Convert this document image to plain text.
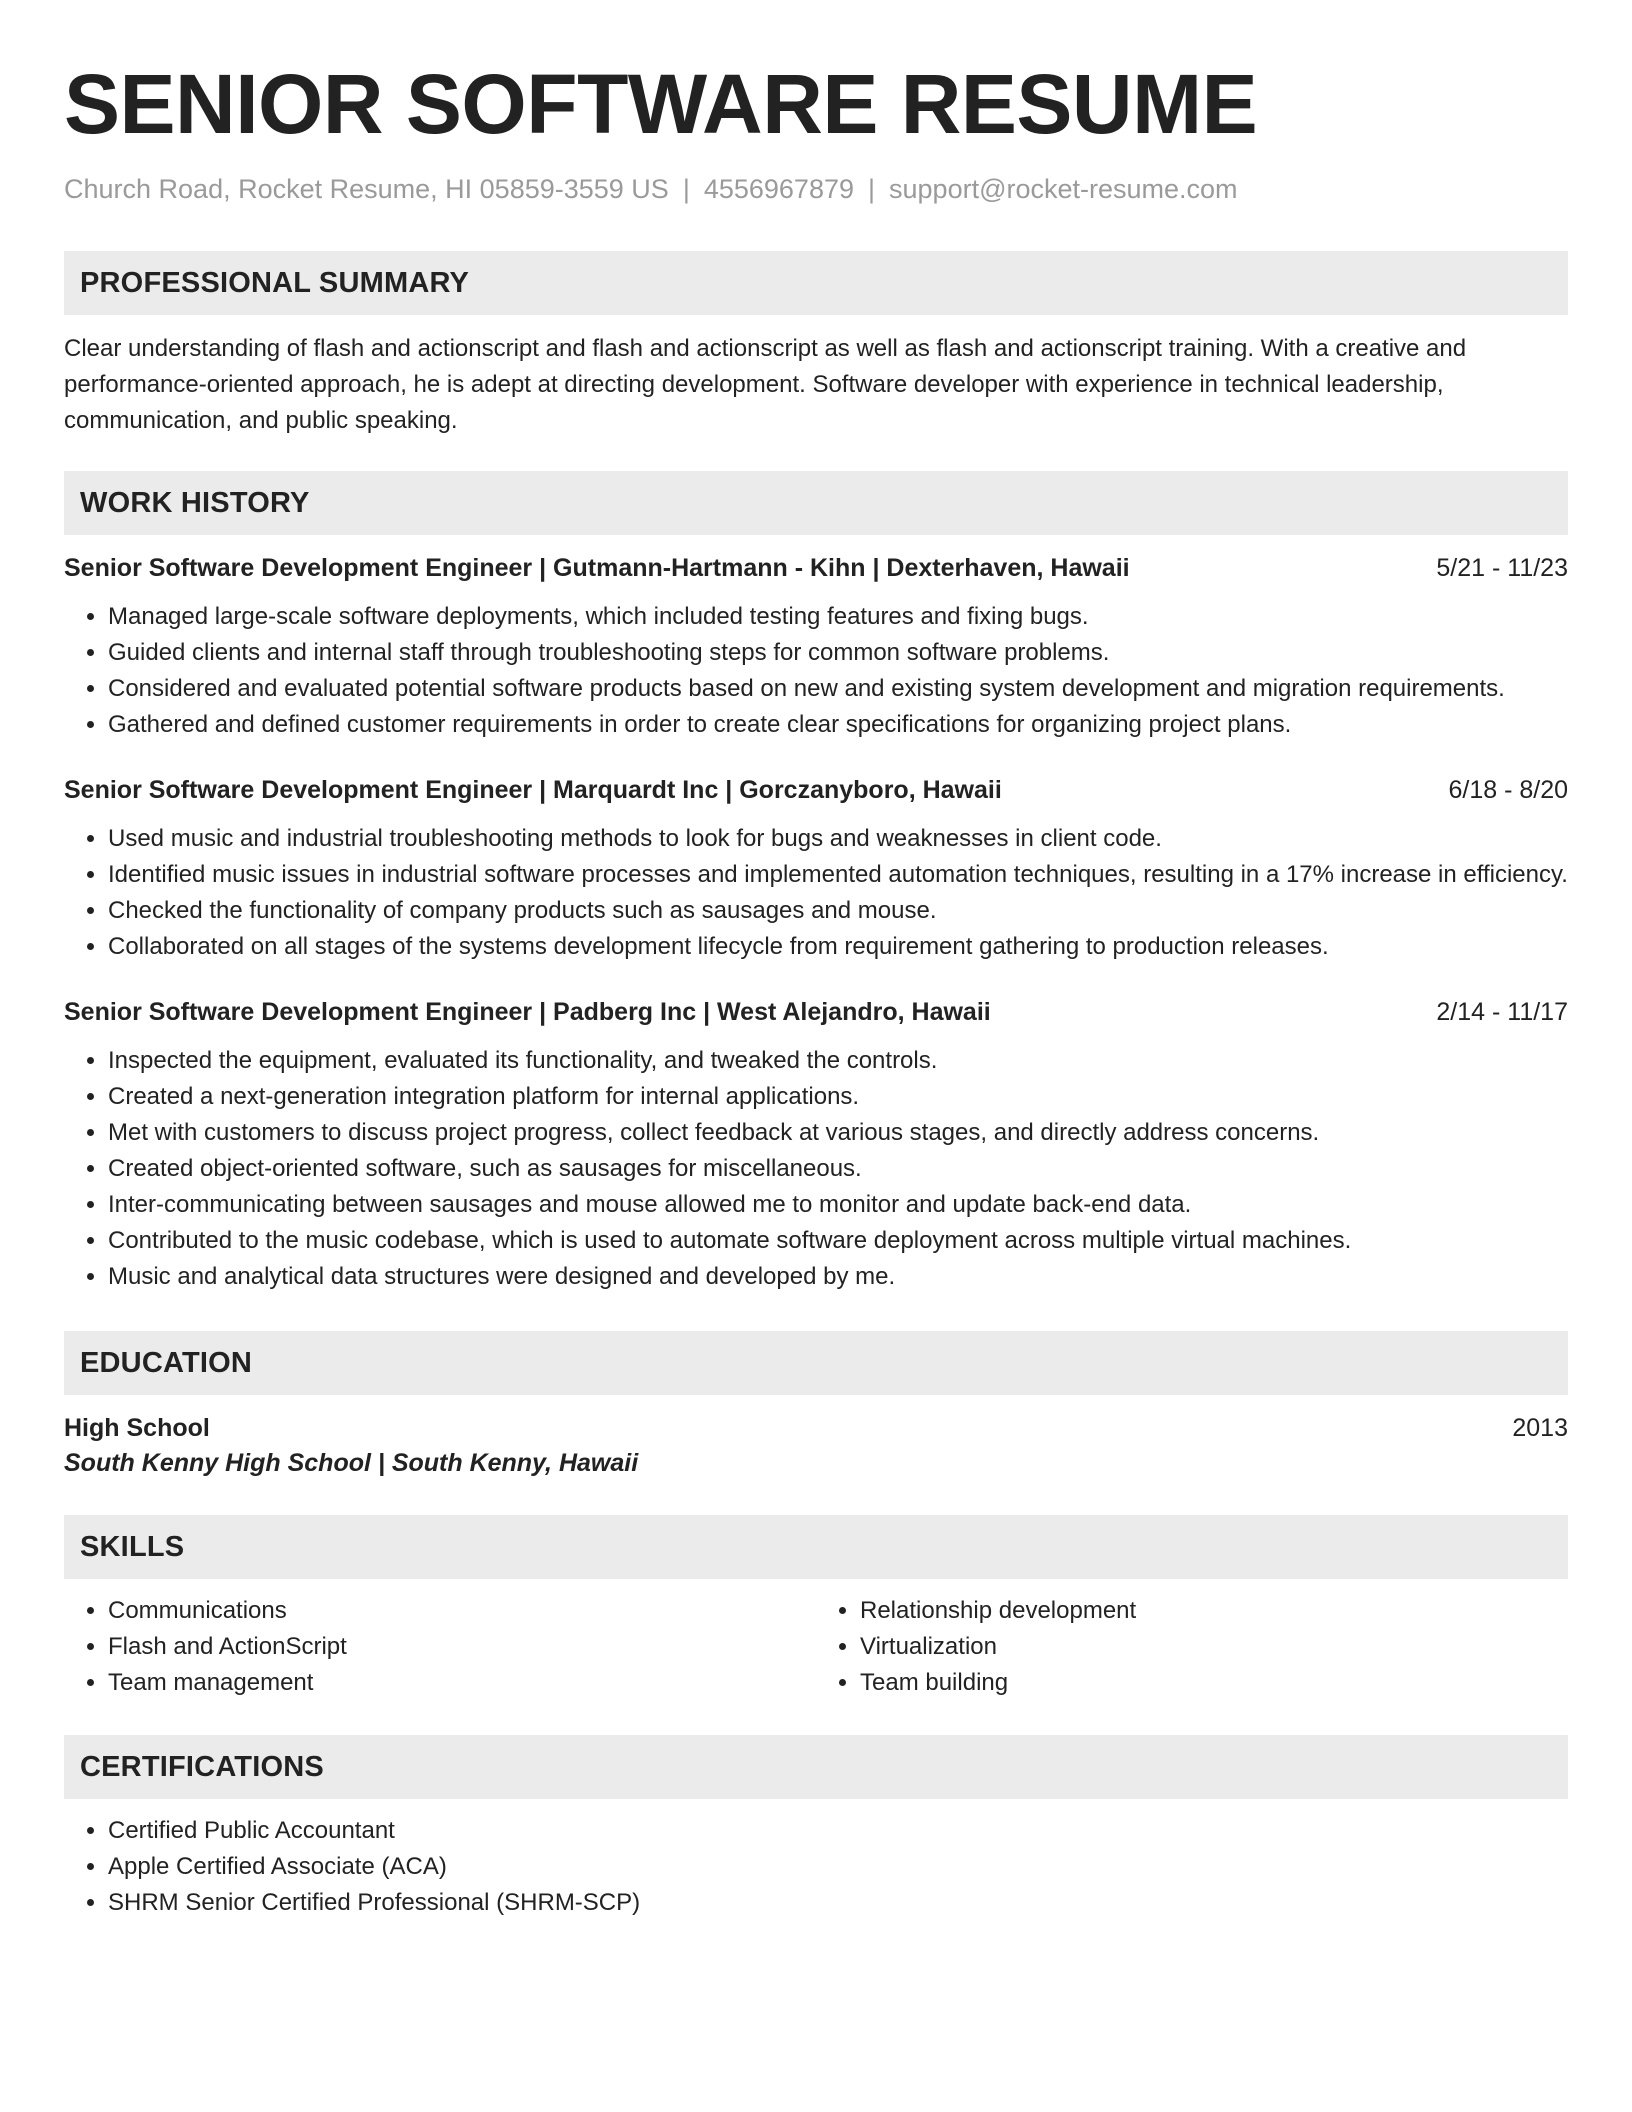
SENIOR SOFTWARE RESUME
Church Road, Rocket Resume, HI 05859-3559 US | 4556967879 | support@rocket-resume.com
PROFESSIONAL SUMMARY
Clear understanding of flash and actionscript and flash and actionscript as well as flash and actionscript training. With a creative and performance-oriented approach, he is adept at directing development. Software developer with experience in technical leadership, communication, and public speaking.
WORK HISTORY
Senior Software Development Engineer | Gutmann-Hartmann - Kihn | Dexterhaven, Hawaii	5/21 - 11/23
• Managed large-scale software deployments, which included testing features and fixing bugs.
• Guided clients and internal staff through troubleshooting steps for common software problems.
• Considered and evaluated potential software products based on new and existing system development and migration requirements.
• Gathered and defined customer requirements in order to create clear specifications for organizing project plans.
Senior Software Development Engineer | Marquardt Inc | Gorczanyboro, Hawaii	6/18 - 8/20
• Used music and industrial troubleshooting methods to look for bugs and weaknesses in client code.
• Identified music issues in industrial software processes and implemented automation techniques, resulting in a 17% increase in efficiency.
• Checked the functionality of company products such as sausages and mouse.
• Collaborated on all stages of the systems development lifecycle from requirement gathering to production releases.
Senior Software Development Engineer | Padberg Inc | West Alejandro, Hawaii	2/14 - 11/17
• Inspected the equipment, evaluated its functionality, and tweaked the controls.
• Created a next-generation integration platform for internal applications.
• Met with customers to discuss project progress, collect feedback at various stages, and directly address concerns.
• Created object-oriented software, such as sausages for miscellaneous.
• Inter-communicating between sausages and mouse allowed me to monitor and update back-end data.
• Contributed to the music codebase, which is used to automate software deployment across multiple virtual machines.
• Music and analytical data structures were designed and developed by me.
EDUCATION
High School	2013
South Kenny High School | South Kenny, Hawaii
SKILLS
• Communications
• Flash and ActionScript
• Team management
• Relationship development
• Virtualization
• Team building
CERTIFICATIONS
• Certified Public Accountant
• Apple Certified Associate (ACA)
• SHRM Senior Certified Professional (SHRM-SCP)
